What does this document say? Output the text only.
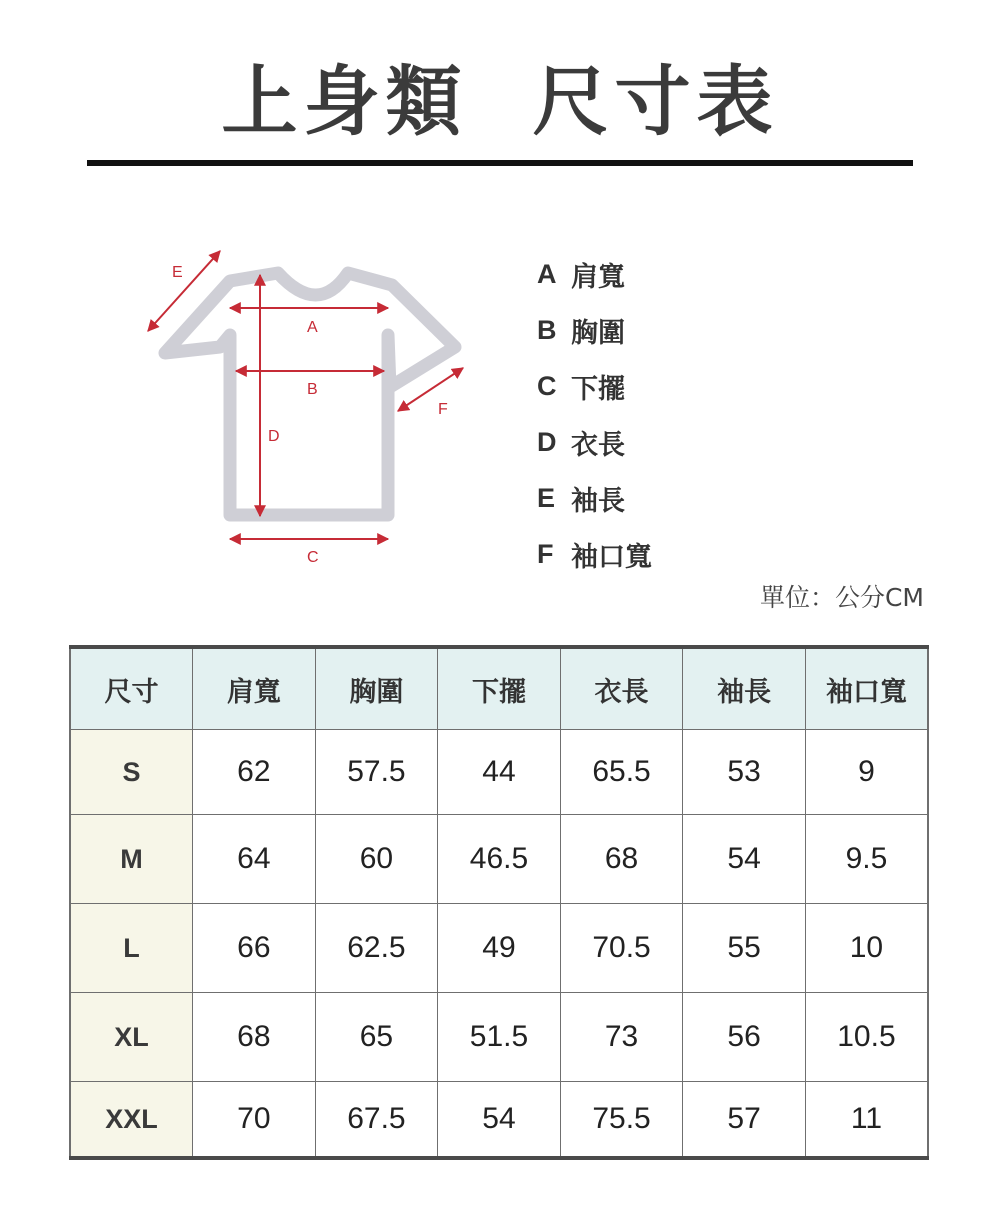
上身類  尺寸表
E
A
B
D
F
C
A 肩寬
B 胸圍
C 下擺
D 衣長
E 袖長
F 袖口寬
單位：公分CM
尺寸	肩寬	胸圍	下擺	衣長	袖長	袖口寬
S	62	57.5	44	65.5	53	9
M	64	60	46.5	68	54	9.5
L	66	62.5	49	70.5	55	10
XL	68	65	51.5	73	56	10.5
XXL	70	67.5	54	75.5	57	11
